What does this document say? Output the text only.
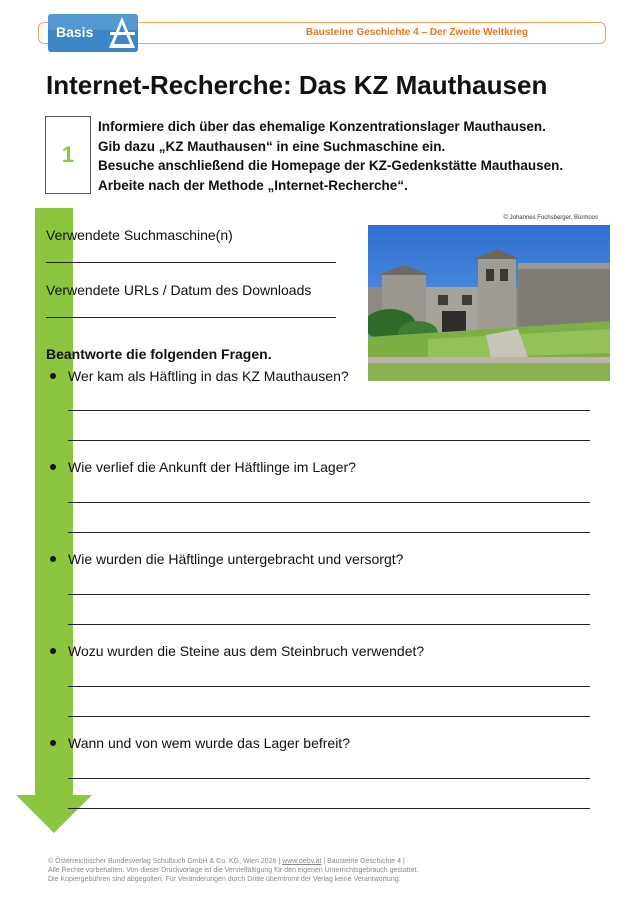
Bausteine Geschichte 4 – Der Zweite Weltkrieg
Basis
Internet-Recherche: Das KZ Mauthausen
1
Informiere dich über das ehemalige Konzentrationslager Mauthausen.
Gib dazu „KZ Mauthausen“ in eine Suchmaschine ein.
Besuche anschließend die Homepage der KZ-Gedenkstätte Mauthausen.
Arbeite nach der Methode „Internet-Recherche“.
© Johannes Fuchsberger, Bürmoos
Verwendete Suchmaschine(n)
Verwendete URLs / Datum des Downloads
Beantworte die folgenden Fragen.
Wer kam als Häftling in das KZ Mauthausen?
Wie verlief die Ankunft der Häftlinge im Lager?
Wie wurden die Häftlinge untergebracht und versorgt?
Wozu wurden die Steine aus dem Steinbruch verwendet?
Wann und von wem wurde das Lager befreit?
© Österreichischer Bundesverlag Schulbuch GmbH & Co. KG, Wien 2026 | www.oebv.at | Bausteine Geschichte 4 |
Alle Rechte vorbehalten. Von dieser Druckvorlage ist die Vervielfältigung für den eigenen Unterrichtsgebrauch gestattet.
Die Kopiergebühren sind abgegolten. Für Veränderungen durch Dritte übernimmt der Verlag keine Verantwortung.
